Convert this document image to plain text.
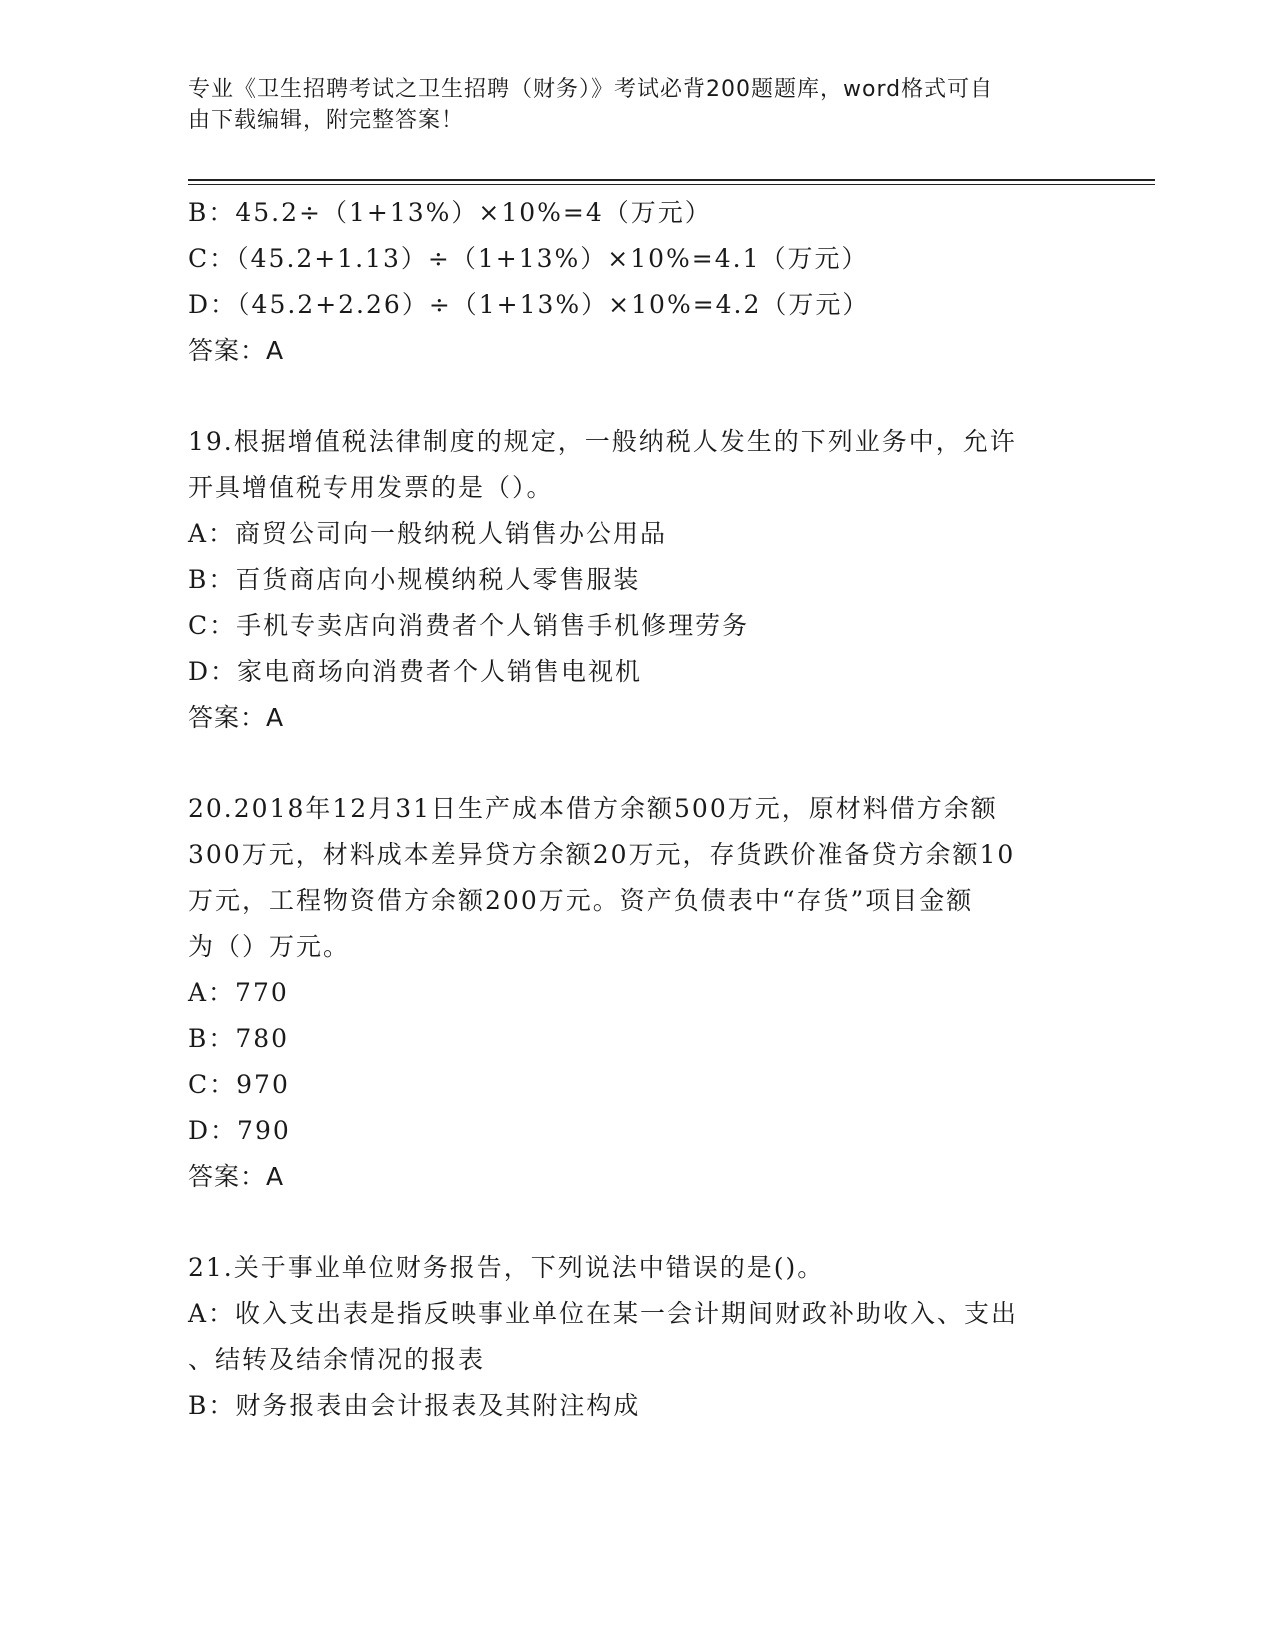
专业《卫生招聘考试之卫生招聘（财务）》考试必背200题题库，word格式可自
由下载编辑，附完整答案！
B：45.2÷（1+13%）×10%=4（万元）
C：（45.2+1.13）÷（1+13%）×10%=4.1（万元）
D：（45.2+2.26）÷（1+13%）×10%=4.2（万元）
答案：A
19.根据增值税法律制度的规定，一般纳税人发生的下列业务中，允许
开具增值税专用发票的是（）。
A：商贸公司向一般纳税人销售办公用品
B：百货商店向小规模纳税人零售服装
C：手机专卖店向消费者个人销售手机修理劳务
D：家电商场向消费者个人销售电视机
答案：A
20.2018年12月31日生产成本借方余额500万元，原材料借方余额
300万元，材料成本差异贷方余额20万元，存货跌价准备贷方余额10
万元，工程物资借方余额200万元。资产负债表中“存货”项目金额
为（）万元。
A：770
B：780
C：970
D：790
答案：A
21.关于事业单位财务报告，下列说法中错误的是()。
A：收入支出表是指反映事业单位在某一会计期间财政补助收入、支出
、结转及结余情况的报表
B：财务报表由会计报表及其附注构成
